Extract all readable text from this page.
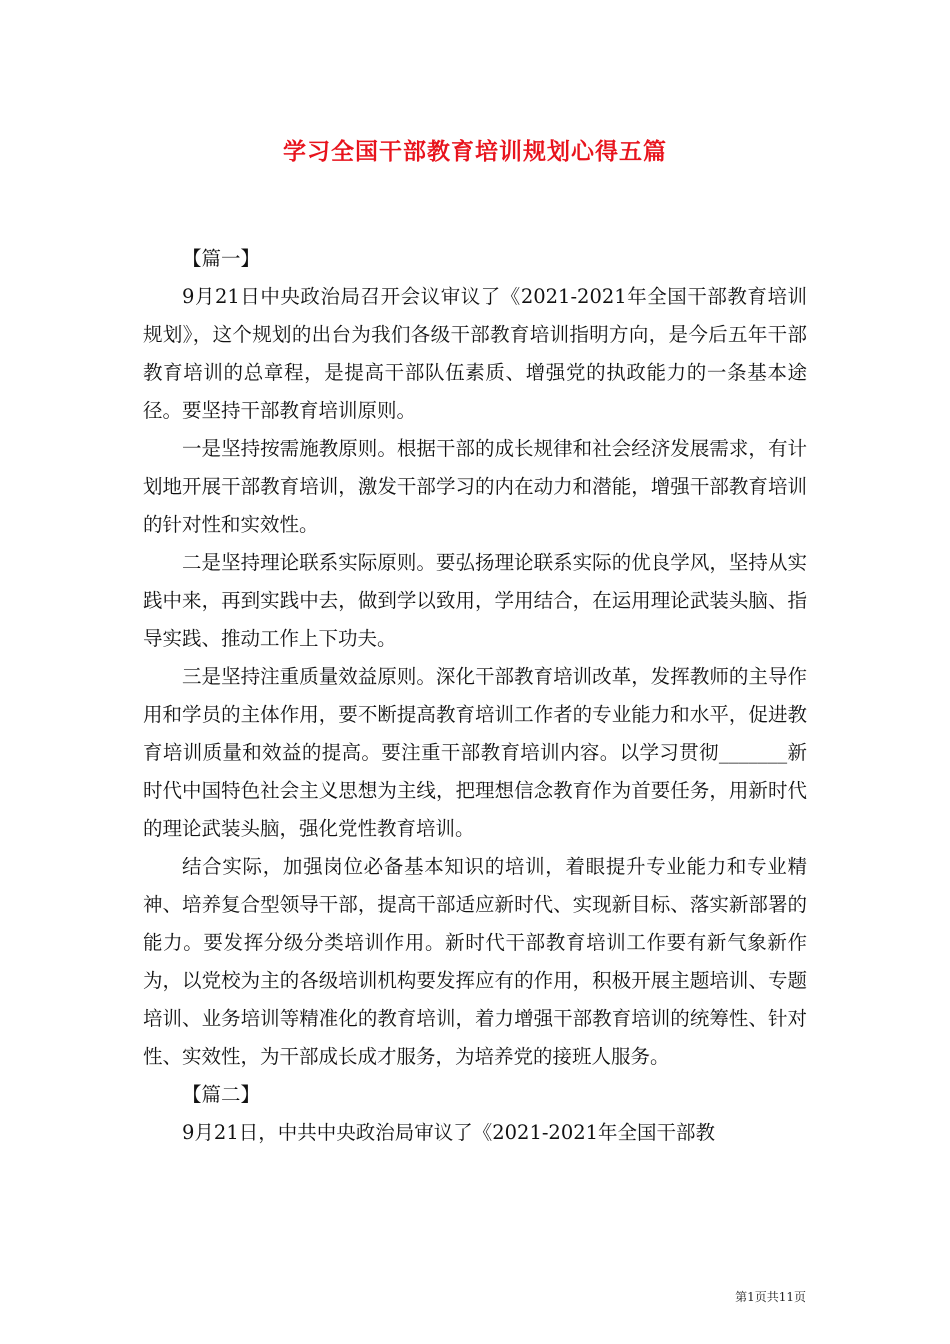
学习全国干部教育培训规划心得五篇

【篇一】

9月21日中央政治局召开会议审议了《2021-2021年全国干部教育培训规划》，这个规划的出台为我们各级干部教育培训指明方向，是今后五年干部教育培训的总章程，是提高干部队伍素质、增强党的执政能力的一条基本途径。要坚持干部教育培训原则。

一是坚持按需施教原则。根据干部的成长规律和社会经济发展需求，有计划地开展干部教育培训，激发干部学习的内在动力和潜能，增强干部教育培训的针对性和实效性。

二是坚持理论联系实际原则。要弘扬理论联系实际的优良学风，坚持从实践中来，再到实践中去，做到学以致用，学用结合，在运用理论武装头脑、指导实践、推动工作上下功夫。

三是坚持注重质量效益原则。深化干部教育培训改革，发挥教师的主导作用和学员的主体作用，要不断提高教育培训工作者的专业能力和水平，促进教育培训质量和效益的提高。要注重干部教育培训内容。以学习贯彻_______新时代中国特色社会主义思想为主线，把理想信念教育作为首要任务，用新时代的理论武装头脑，强化党性教育培训。

结合实际，加强岗位必备基本知识的培训，着眼提升专业能力和专业精神、培养复合型领导干部，提高干部适应新时代、实现新目标、落实新部署的能力。要发挥分级分类培训作用。新时代干部教育培训工作要有新气象新作为，以党校为主的各级培训机构要发挥应有的作用，积极开展主题培训、专题培训、业务培训等精准化的教育培训，着力增强干部教育培训的统筹性、针对性、实效性，为干部成长成才服务，为培养党的接班人服务。

【篇二】

9月21日，中共中央政治局审议了《2021-2021年全国干部教

第1页共11页
